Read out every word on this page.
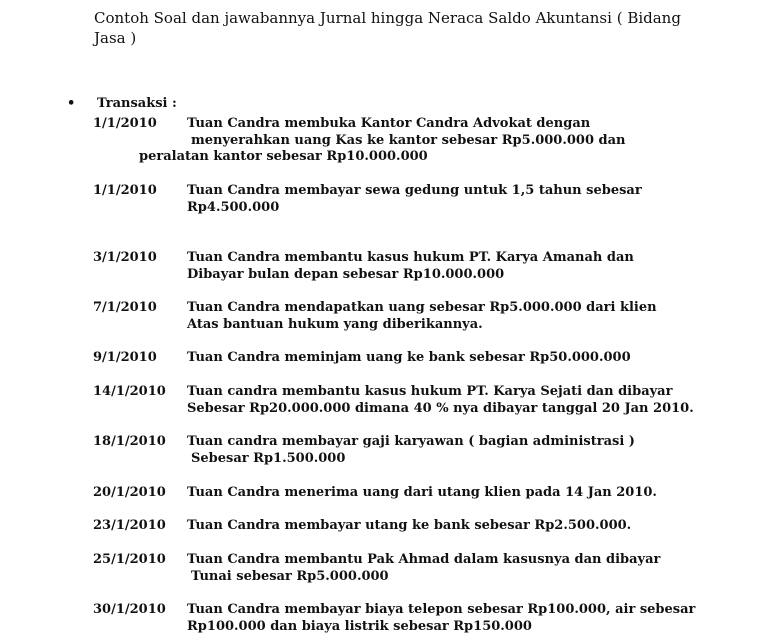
Contoh Soal dan jawabannya Jurnal hingga Neraca Saldo Akuntansi ( Bidang Jasa )
• Transaksi :
1/1/2010 Tuan Candra membuka Kantor Candra Advokat dengan
menyerahkan uang Kas ke kantor sebesar Rp5.000.000 dan
peralatan kantor sebesar Rp10.000.000
1/1/2010 Tuan Candra membayar sewa gedung untuk 1,5 tahun sebesar
Rp4.500.000
3/1/2010 Tuan Candra membantu kasus hukum PT. Karya Amanah dan
Dibayar bulan depan sebesar Rp10.000.000
7/1/2010 Tuan Candra mendapatkan uang sebesar Rp5.000.000 dari klien
Atas bantuan hukum yang diberikannya.
9/1/2010 Tuan Candra meminjam uang ke bank sebesar Rp50.000.000
14/1/2010 Tuan candra membantu kasus hukum PT. Karya Sejati dan dibayar
Sebesar Rp20.000.000 dimana 40 % nya dibayar tanggal 20 Jan 2010.
18/1/2010 Tuan candra membayar gaji karyawan ( bagian administrasi )
Sebesar Rp1.500.000
20/1/2010 Tuan Candra menerima uang dari utang klien pada 14 Jan 2010.
23/1/2010 Tuan Candra membayar utang ke bank sebesar Rp2.500.000.
25/1/2010 Tuan Candra membantu Pak Ahmad dalam kasusnya dan dibayar
Tunai sebesar Rp5.000.000
30/1/2010 Tuan Candra membayar biaya telepon sebesar Rp100.000, air sebesar
Rp100.000 dan biaya listrik sebesar Rp150.000
